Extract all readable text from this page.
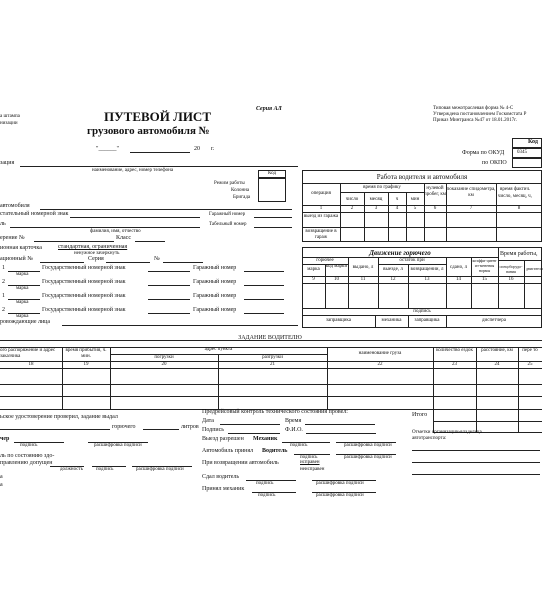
а штампа
низации	ПУТЕВОЙ ЛИСТ
грузового автомобиля №
Серия АЛ
"______"	20 г.
Типовая межотраслевая форма № 4-С
Утверждена постановлением Госкомстата Р
Приказ Минтранса №47 от 18.01.2017г.
Код
0345
Форма по ОКУД
по ОКПО
зация
наименование, адрес, номер телефона
Код
Режим работы
Колонна
Бригада
автомобиля
стательный номерной знак	Гаражный номер
ль	Табельный номер
фамилия, имя, отчество
ерение №	Класс
ионная карточка	стандартная, ограниченная
ненужное зачеркнуть
ационный №	Серия	№
1	Государственный номерной знак	Гаражный номер
марка
2	Государственный номерной знак	Гаражный номер
марка
1	Государственный номерной знак	Гаражный номер
марка
2	Государственный номерной знак	Гаражный номер
марка
ровождающие лица
Работа водителя и автомобиля
операция
время по графику
число	месяц	ч	мин
нулевой пробег, км
показание спидометра, км
время фактич.
число, месяц, ч,
1	2	3	4	5	6	7	8
выезд из гаража
возвращение в гараж
Движение горючего	Время работы,
горючее
марка
код марки	выдано, л
остаток при
выезде, л	возвращении, л	сдано, л
коэффи-циент из-менения нормы
спецоборудо-вания
двигателя
9	10	11	12	13	14	15	16
подпись
заправщика	механика	заправщика	диспетчера
ЗАДАНИЕ ВОДИТЕЛЮ
ого распоряжение и адрес заказчика
время прибытия, ч. мин.
адрес пункта
погрузки	разгрузки
наименование груза
количество ездок	расстояние, км	пере то
18	19	20	21	22	23	24	25
Итого
ьское удостоверение проверил, задание выдал
горючего	литров
чер
подпись	расшифровка подписи
ль по состоянию здо-
правлению допущен
должность	подпись	расшифровка подписи
а
а
Предрейсовый контроль технического состояния провел:
Дата	Время
Подпись	Ф.И.О.
Выезд разрешен Механик
подпись	расшифровка подписи
Автомобиль принял Водитель
подпись	расшифровка подписи
При возвращении автомобиль	исправен
неисправен
Сдал водитель
подпись	расшифровка подписи
Принял механик
подпись	расшифровка подписи
Отметки организации-владельца
автотранспорта:
